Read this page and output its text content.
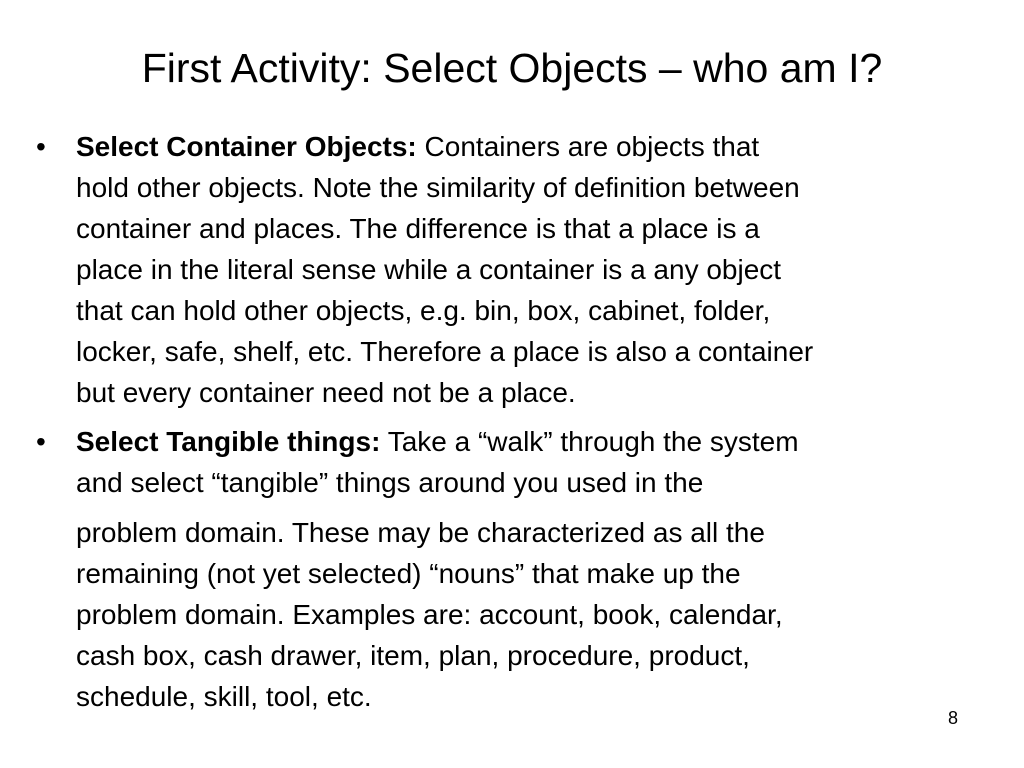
First Activity: Select Objects – who am I?
• Select Container Objects: Containers are objects that
hold other objects. Note the similarity of definition between
container and places. The difference is that a place is a
place in the literal sense while a container is a any object
that can hold other objects, e.g. bin, box, cabinet, folder,
locker, safe, shelf, etc. Therefore a place is also a container
but every container need not be a place.
• Select Tangible things: Take a “walk” through the system
and select “tangible” things around you used in the
problem domain. These may be characterized as all the
remaining (not yet selected) “nouns” that make up the
problem domain. Examples are: account, book, calendar,
cash box, cash drawer, item, plan, procedure, product,
schedule, skill, tool, etc.
8
